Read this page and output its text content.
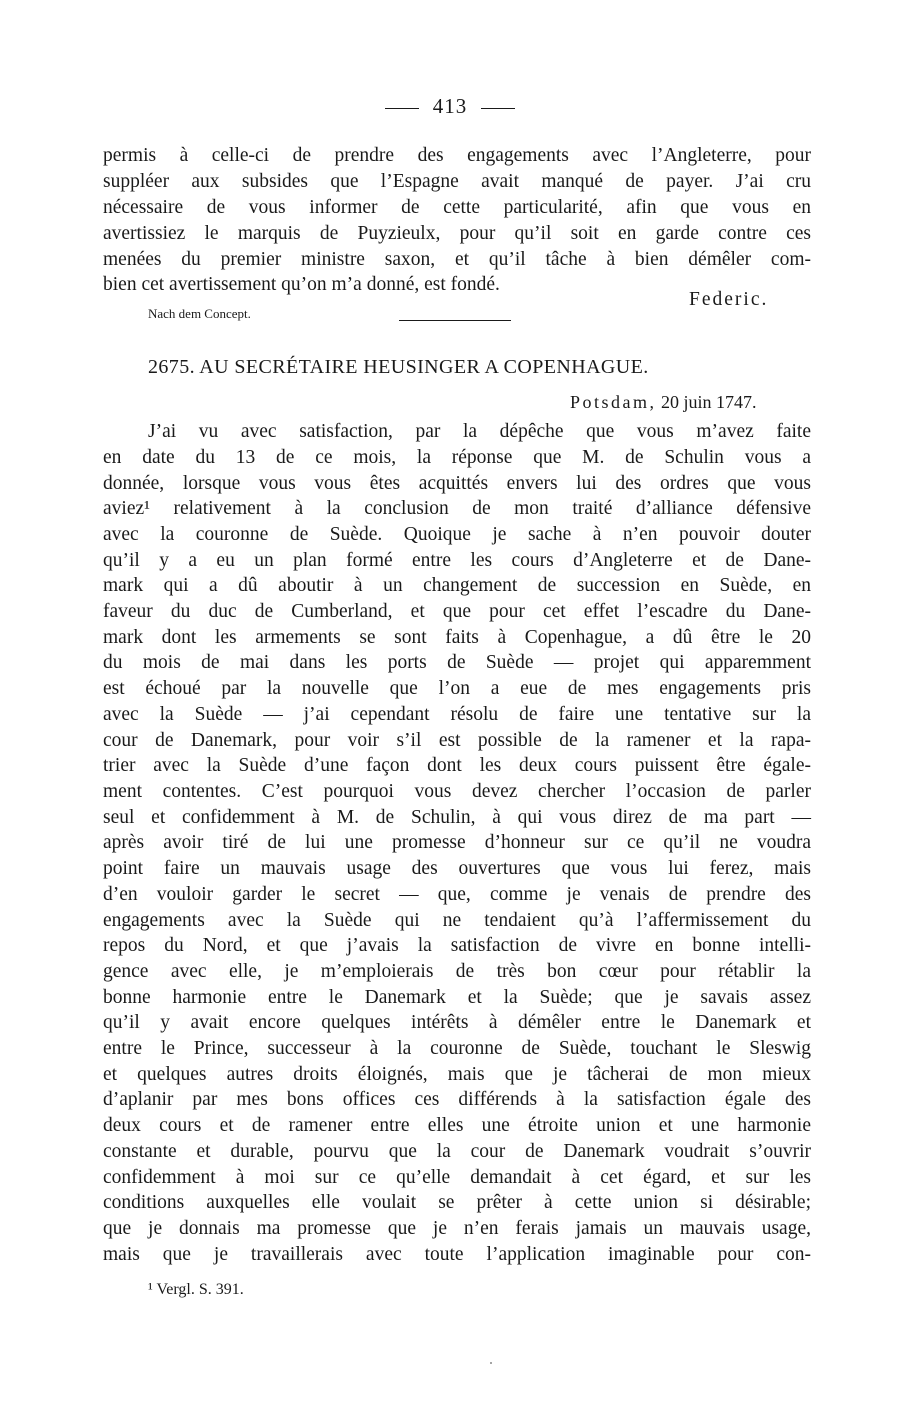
413
permis à celle-ci de prendre des engagements avec l’Angleterre, pour
suppléer aux subsides que l’Espagne avait manqué de payer. J’ai cru
nécessaire de vous informer de cette particularité, afin que vous en
avertissiez le marquis de Puyzieulx, pour qu’il soit en garde contre ces
menées du premier ministre saxon, et qu’il tâche à bien démêler com-
bien cet avertissement qu’on m’a donné, est fondé.
Federic.
Nach dem Concept.
2675. AU SECRÉTAIRE HEUSINGER A COPENHAGUE.
Potsdam, 20 juin 1747.
J’ai vu avec satisfaction, par la dépêche que vous m’avez faite
en date du 13 de ce mois, la réponse que M. de Schulin vous a
donnée, lorsque vous vous êtes acquittés envers lui des ordres que vous
aviez¹ relativement à la conclusion de mon traité d’alliance défensive
avec la couronne de Suède. Quoique je sache à n’en pouvoir douter
qu’il y a eu un plan formé entre les cours d’Angleterre et de Dane-
mark qui a dû aboutir à un changement de succession en Suède, en
faveur du duc de Cumberland, et que pour cet effet l’escadre du Dane-
mark dont les armements se sont faits à Copenhague, a dû être le 20
du mois de mai dans les ports de Suède — projet qui apparemment
est échoué par la nouvelle que l’on a eue de mes engagements pris
avec la Suède — j’ai cependant résolu de faire une tentative sur la
cour de Danemark, pour voir s’il est possible de la ramener et la rapa-
trier avec la Suède d’une façon dont les deux cours puissent être égale-
ment contentes. C’est pourquoi vous devez chercher l’occasion de parler
seul et confidemment à M. de Schulin, à qui vous direz de ma part —
après avoir tiré de lui une promesse d’honneur sur ce qu’il ne voudra
point faire un mauvais usage des ouvertures que vous lui ferez, mais
d’en vouloir garder le secret — que, comme je venais de prendre des
engagements avec la Suède qui ne tendaient qu’à l’affermissement du
repos du Nord, et que j’avais la satisfaction de vivre en bonne intelli-
gence avec elle, je m’emploierais de très bon cœur pour rétablir la
bonne harmonie entre le Danemark et la Suède; que je savais assez
qu’il y avait encore quelques intérêts à démêler entre le Danemark et
entre le Prince, successeur à la couronne de Suède, touchant le Sleswig
et quelques autres droits éloignés, mais que je tâcherai de mon mieux
d’aplanir par mes bons offices ces différends à la satisfaction égale des
deux cours et de ramener entre elles une étroite union et une harmonie
constante et durable, pourvu que la cour de Danemark voudrait s’ouvrir
confidemment à moi sur ce qu’elle demandait à cet égard, et sur les
conditions auxquelles elle voulait se prêter à cette union si désirable;
que je donnais ma promesse que je n’en ferais jamais un mauvais usage,
mais que je travaillerais avec toute l’application imaginable pour con-
¹ Vergl. S. 391.
